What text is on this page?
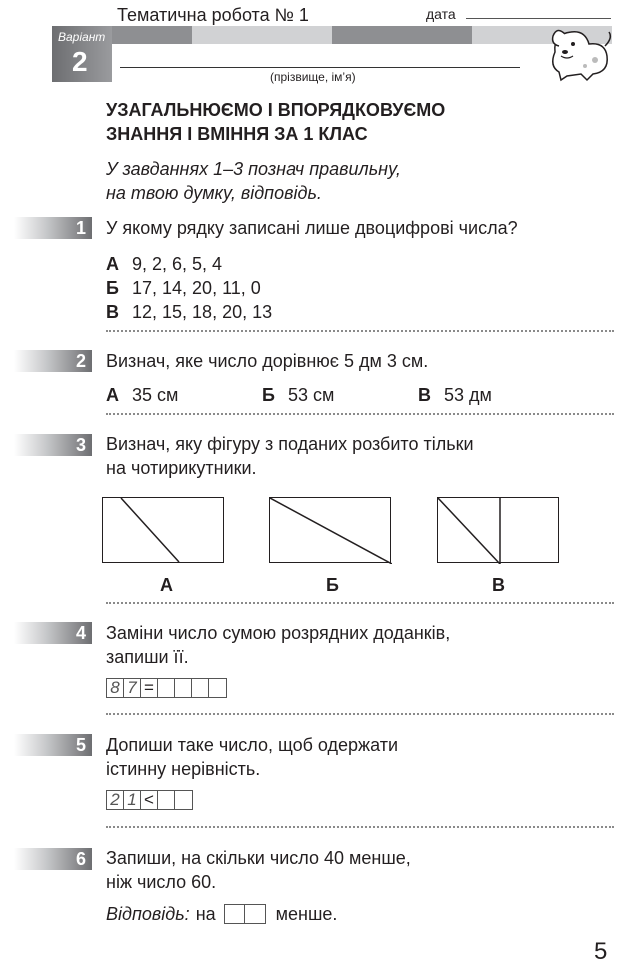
Тематична робота № 1	дата
Варіант
2	(прізвище, ім’я)
УЗАГАЛЬНЮЄМО І ВПОРЯДКОВУЄМО
ЗНАННЯ І ВМІННЯ ЗА 1 КЛАС
У завданнях 1–3 познач правильну,
на твою думку, відповідь.
1 У якому рядку записані лише двоцифрові числа?
А 9, 2, 6, 5, 4
Б 17, 14, 20, 11, 0
В 12, 15, 18, 20, 13
2 Визнач, яке число дорівнює 5 дм 3 см.
А 35 см	Б 53 см	В 53 дм
3 Визнач, яку фігуру з поданих розбито тільки
на чотирикутники.
А	Б	В
4 Заміни число сумою розрядних доданків,
запиши її.
8 7 =
5 Допиши таке число, щоб одержати
істинну нерівність.
2 1 <
6 Запиши, на скільки число 40 менше,
ніж число 60.
Відповідь: на	менше.
5
